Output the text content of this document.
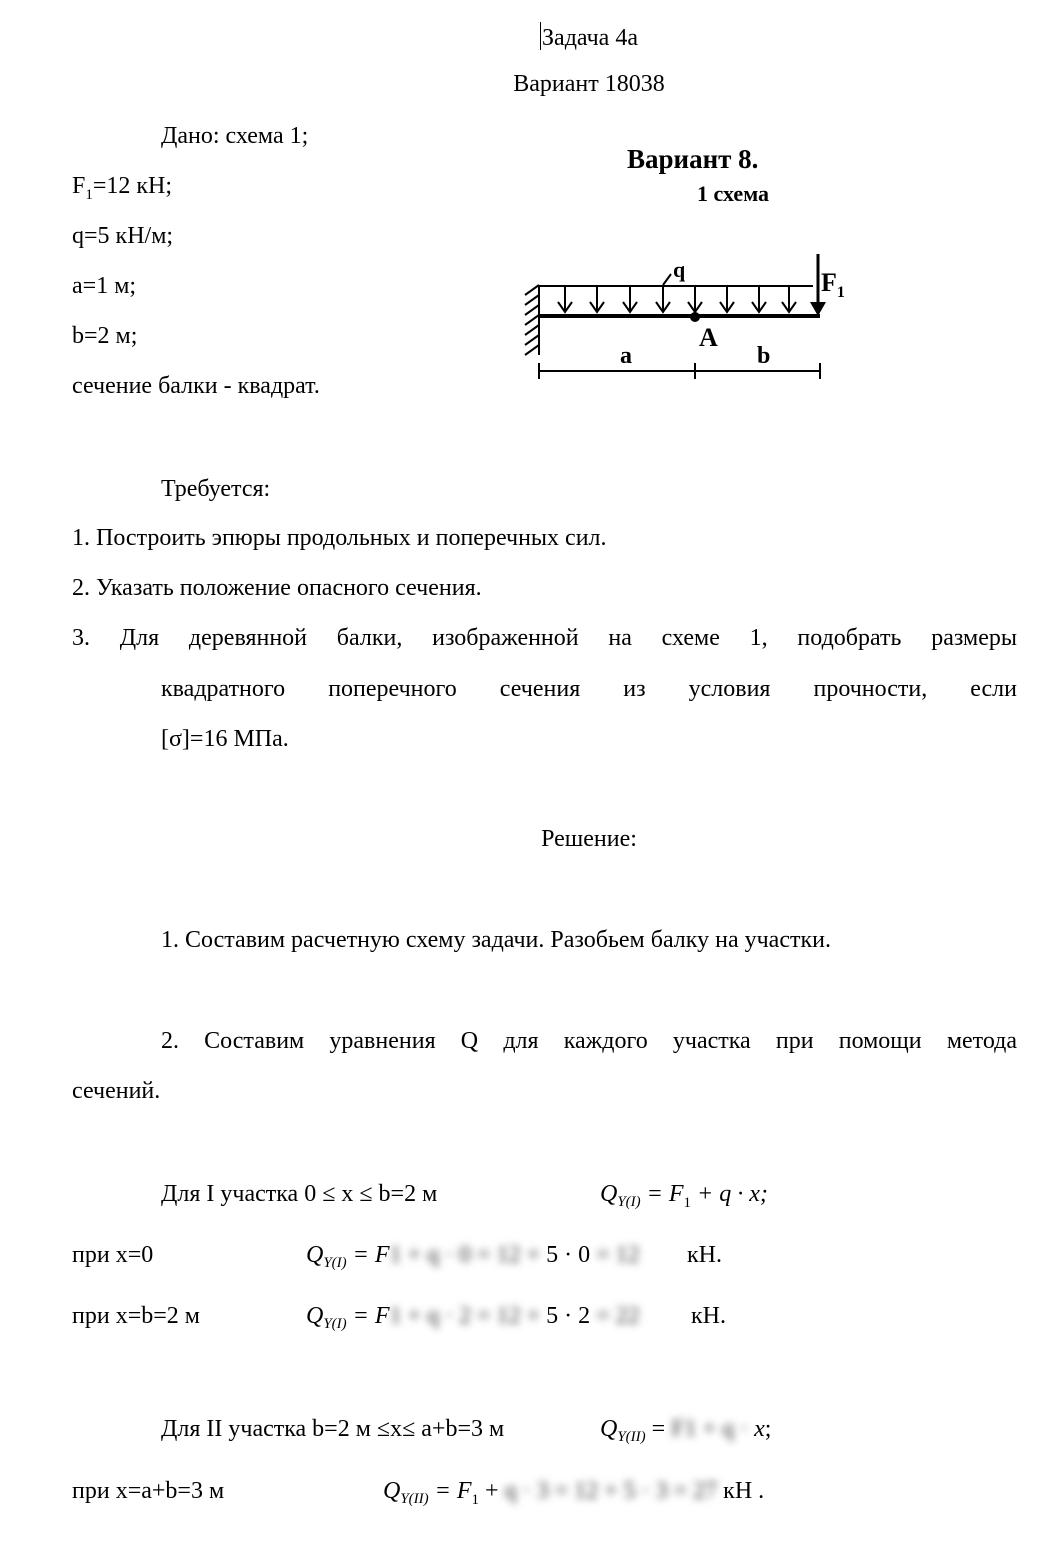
Задача 4а
Вариант 18038
Дано: схема 1;
$F_1=12$ кН;
q=5 кН/м;
a=1 м;
b=2 м;
сечение балки - квадрат.
Вариант 8.
1 схема
q	$F_1$
A
a	b
Требуется:
1. Построить эпюры продольных и поперечных сил.
2. Указать положение опасного сечения.
3. Для деревянной балки, изображенной на схеме 1, подобрать размеры
квадратного поперечного сечения из условия прочности, если
[σ]=16 МПа.
Решение:
1. Составим расчетную схему задачи. Разобьем балку на участки.
2. Составим уравнения Q для каждого участка при помощи метода
сечений.
Для I участка 0 ≤ x ≤ b=2 м	$Q_{Y(I)} = F_1 + q \cdot x$;
при x=0	$Q_{Y(I)} = F1 + q \cdot 0 = 12 + 5 \cdot 0 = 12$ кН.
при x=b=2 м	$Q_{Y(I)} = F1 + q \cdot 2 = 12 + 5 \cdot 2 = 22$ кН.
Для II участка b=2 м ≤x≤ a+b=3 м	$Q_{Y(II)} = F1 + q \cdot x$;
при x=a+b=3 м	$Q_{Y(II)} = F_1 + q \cdot 3 = 12 + 5 \cdot 3 = 27$ кН .
